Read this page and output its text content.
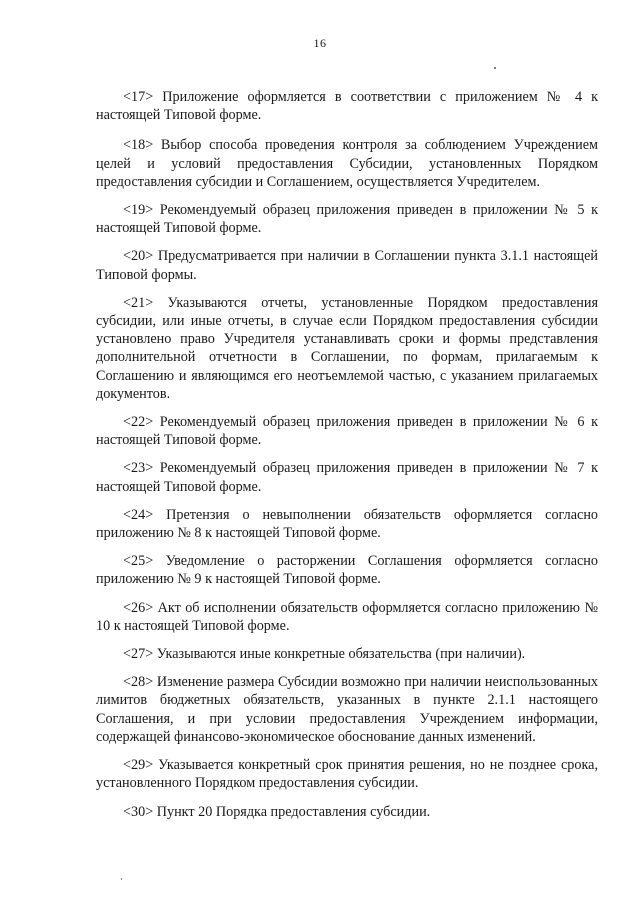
16

<17> Приложение оформляется в соответствии с приложением № 4 к настоящей Типовой форме.

<18> Выбор способа проведения контроля за соблюдением Учреждением целей и условий предоставления Субсидии, установленных Порядком предоставления субсидии и Соглашением, осуществляется Учредителем.

<19> Рекомендуемый образец приложения приведен в приложении № 5 к настоящей Типовой форме.

<20> Предусматривается при наличии в Соглашении пункта 3.1.1 настоящей Типовой формы.

<21> Указываются отчеты, установленные Порядком предоставления субсидии, или иные отчеты, в случае если Порядком предоставления субсидии установлено право Учредителя устанавливать сроки и формы представления дополнительной отчетности в Соглашении, по формам, прилагаемым к Соглашению и являющимся его неотъемлемой частью, с указанием прилагаемых документов.

<22> Рекомендуемый образец приложения приведен в приложении № 6 к настоящей Типовой форме.

<23> Рекомендуемый образец приложения приведен в приложении № 7 к настоящей Типовой форме.

<24> Претензия о невыполнении обязательств оформляется согласно приложению № 8 к настоящей Типовой форме.

<25> Уведомление о расторжении Соглашения оформляется согласно приложению № 9 к настоящей Типовой форме.

<26> Акт об исполнении обязательств оформляется согласно приложению № 10 к настоящей Типовой форме.

<27> Указываются иные конкретные обязательства (при наличии).

<28> Изменение размера Субсидии возможно при наличии неиспользованных лимитов бюджетных обязательств, указанных в пункте 2.1.1 настоящего Соглашения, и при условии предоставления Учреждением информации, содержащей финансово-экономическое обоснование данных изменений.

<29> Указывается конкретный срок принятия решения, но не позднее срока, установленного Порядком предоставления субсидии.

<30> Пункт 20 Порядка предоставления субсидии.
